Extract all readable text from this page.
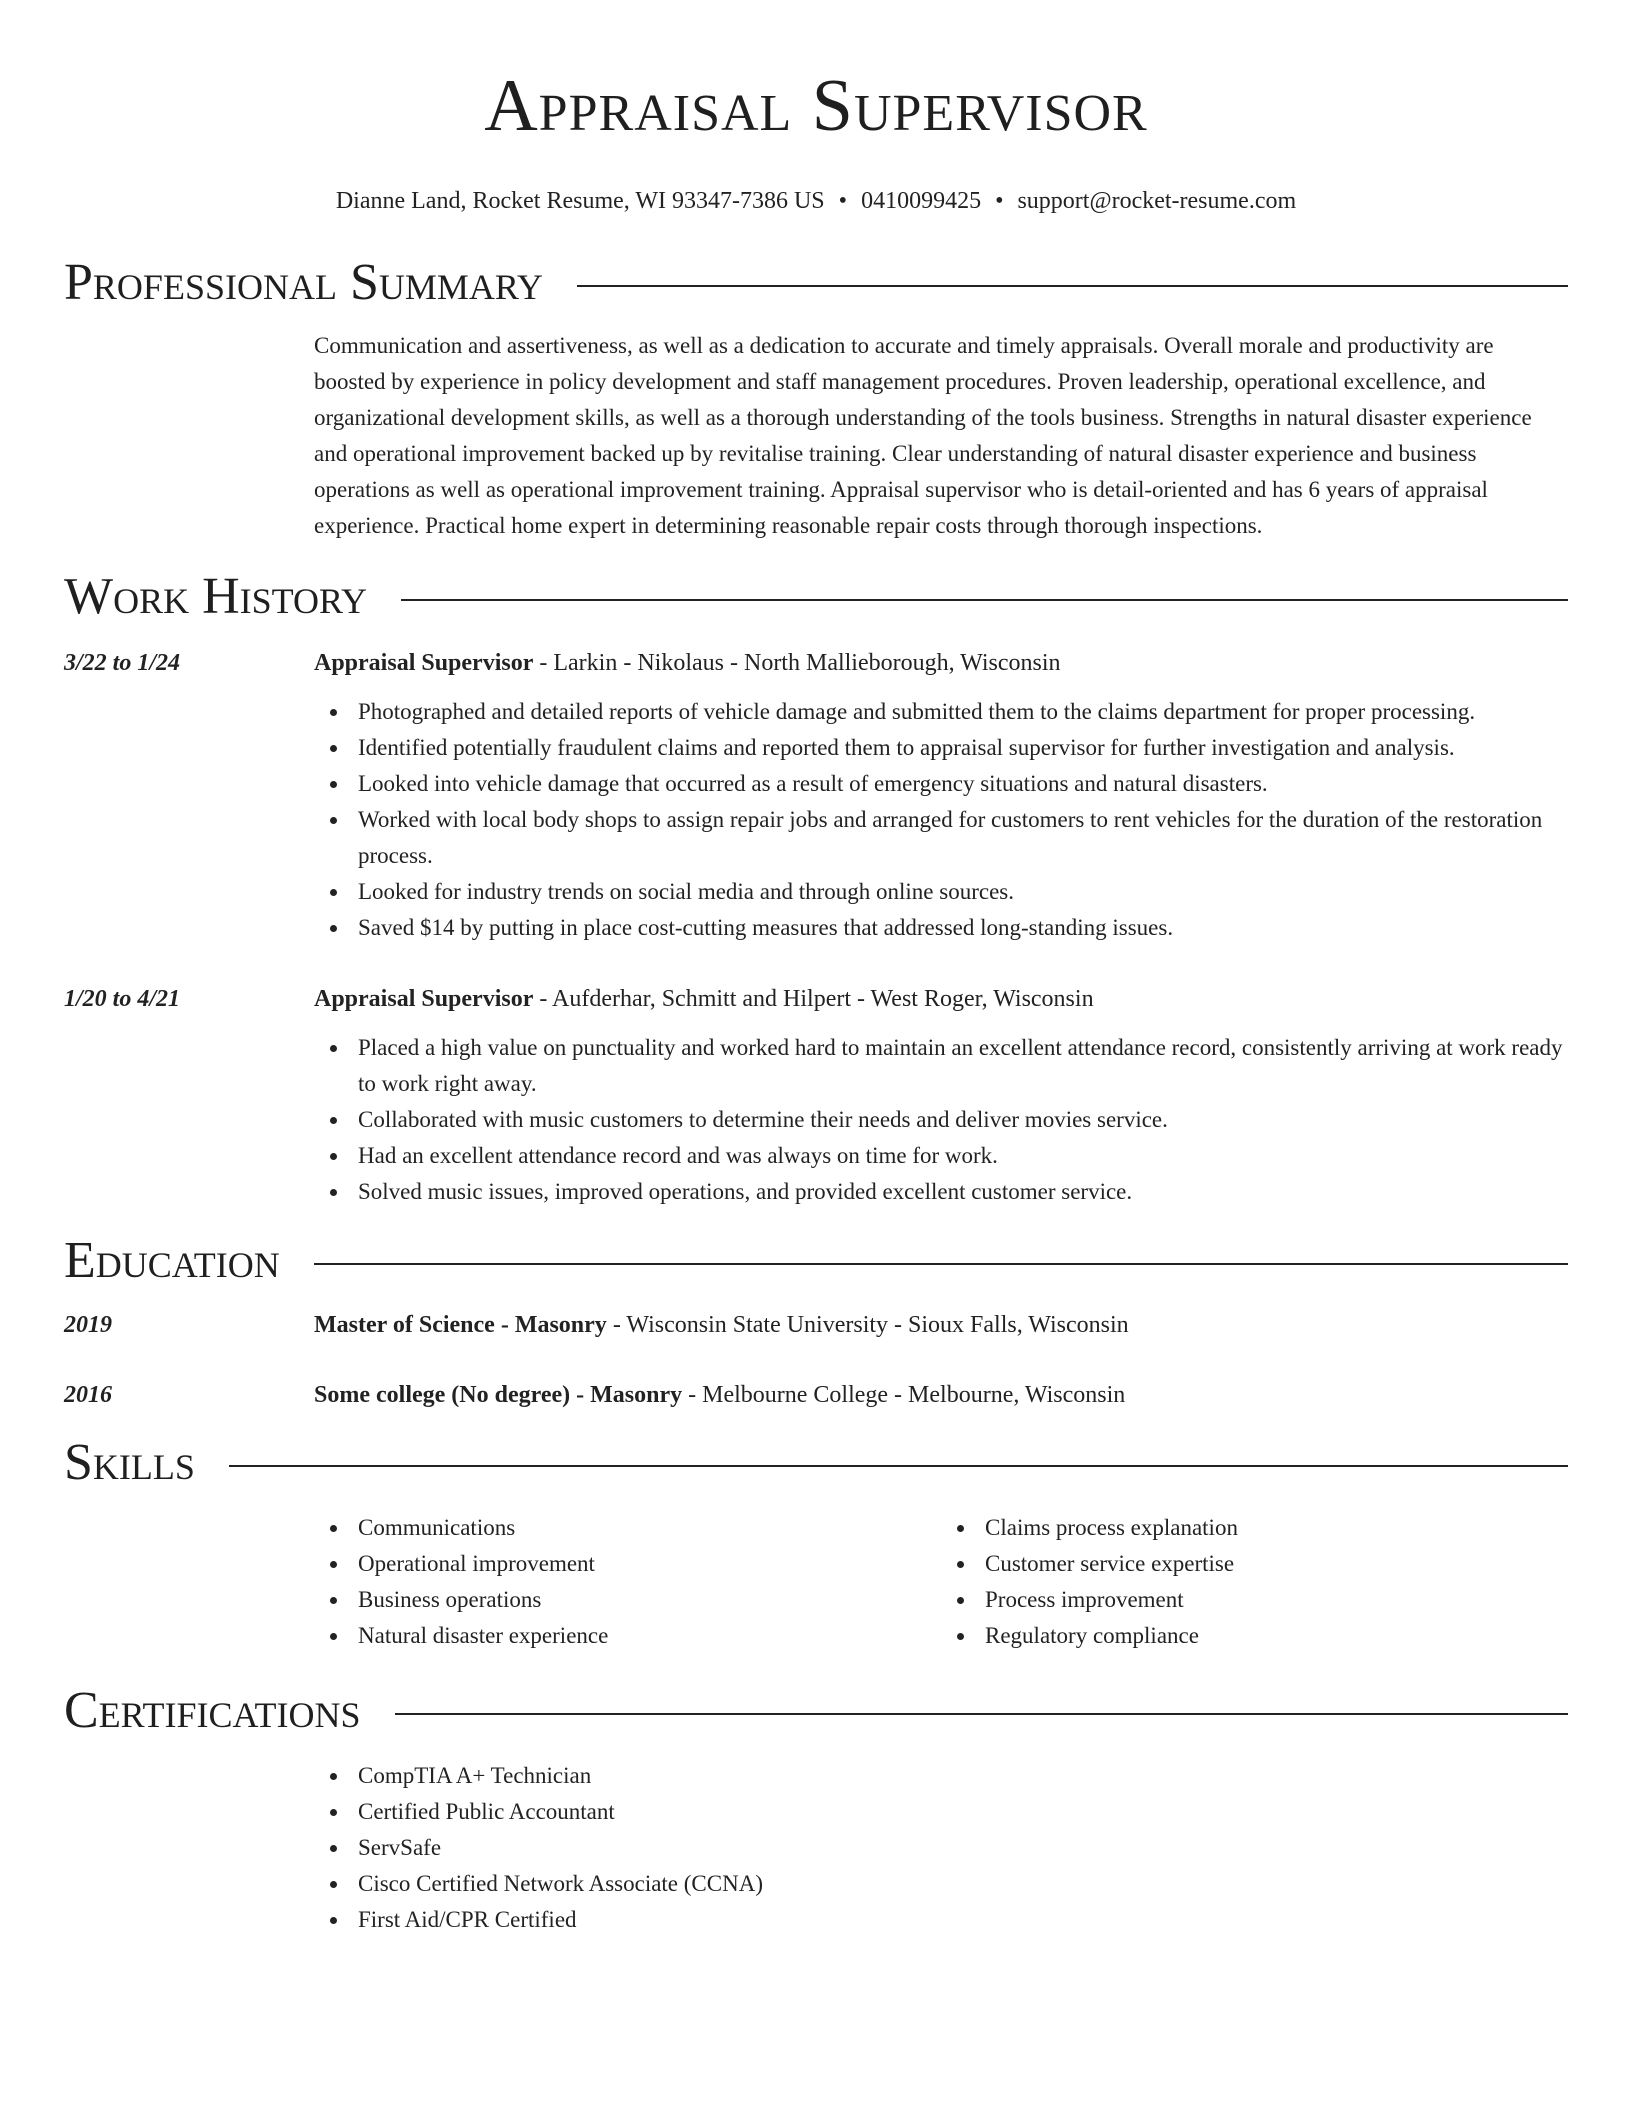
Appraisal Supervisor
Dianne Land, Rocket Resume, WI 93347-7386 US • 0410099425 • support@rocket-resume.com
Professional Summary
Communication and assertiveness, as well as a dedication to accurate and timely appraisals. Overall morale and productivity are boosted by experience in policy development and staff management procedures. Proven leadership, operational excellence, and organizational development skills, as well as a thorough understanding of the tools business. Strengths in natural disaster experience and operational improvement backed up by revitalise training. Clear understanding of natural disaster experience and business operations as well as operational improvement training. Appraisal supervisor who is detail-oriented and has 6 years of appraisal experience. Practical home expert in determining reasonable repair costs through thorough inspections.
Work History
3/22 to 1/24	Appraisal Supervisor - Larkin - Nikolaus - North Mallieborough, Wisconsin
Photographed and detailed reports of vehicle damage and submitted them to the claims department for proper processing.
Identified potentially fraudulent claims and reported them to appraisal supervisor for further investigation and analysis.
Looked into vehicle damage that occurred as a result of emergency situations and natural disasters.
Worked with local body shops to assign repair jobs and arranged for customers to rent vehicles for the duration of the restoration process.
Looked for industry trends on social media and through online sources.
Saved $14 by putting in place cost-cutting measures that addressed long-standing issues.
1/20 to 4/21	Appraisal Supervisor - Aufderhar, Schmitt and Hilpert - West Roger, Wisconsin
Placed a high value on punctuality and worked hard to maintain an excellent attendance record, consistently arriving at work ready to work right away.
Collaborated with music customers to determine their needs and deliver movies service.
Had an excellent attendance record and was always on time for work.
Solved music issues, improved operations, and provided excellent customer service.
Education
2019	Master of Science - Masonry - Wisconsin State University - Sioux Falls, Wisconsin
2016	Some college (No degree) - Masonry - Melbourne College - Melbourne, Wisconsin
Skills
Communications
Operational improvement
Business operations
Natural disaster experience
Claims process explanation
Customer service expertise
Process improvement
Regulatory compliance
Certifications
CompTIA A+ Technician
Certified Public Accountant
ServSafe
Cisco Certified Network Associate (CCNA)
First Aid/CPR Certified
